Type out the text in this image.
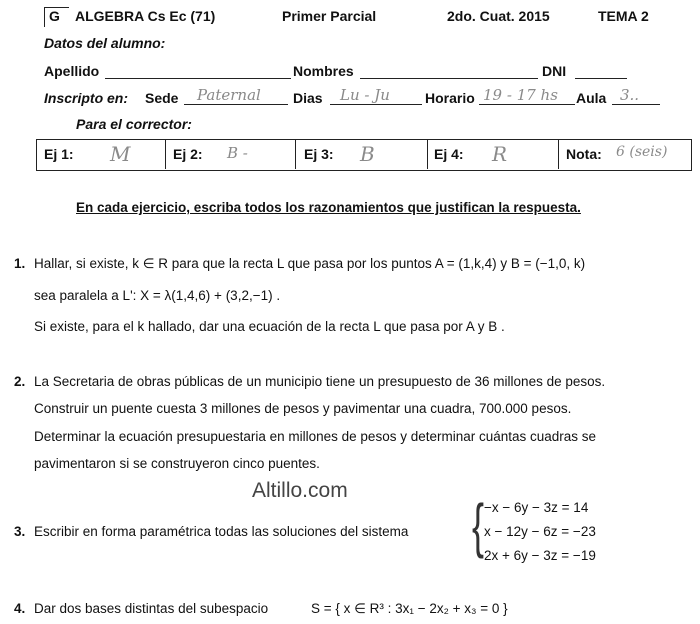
G ALGEBRA Cs Ec (71)	Primer Parcial	2do. Cuat. 2015	TEMA 2
Datos del alumno:
Apellido	Nombres	DNI
Inscripto en: Sede Paternal Dias Lu - Ju	Horario 19 - 17 hs Aula 3..
Para el corrector:
Ej 1: M	Ej 2: B -	Ej 3: B	Ej 4: R	Nota: 6 (seis)
En cada ejercicio, escriba todos los razonamientos que justifican la respuesta.
1. Hallar, si existe, k ∈ R para que la recta L que pasa por los puntos A = (1,k,4) y B = (−1,0, k)
sea paralela a L': X = λ(1,4,6) + (3,2,−1) .
Si existe, para el k hallado, dar una ecuación de la recta L que pasa por A y B .
2. La Secretaria de obras públicas de un municipio tiene un presupuesto de 36 millones de pesos.
Construir un puente cuesta 3 millones de pesos y pavimentar una cuadra, 700.000 pesos.
Determinar la ecuación presupuestaria en millones de pesos y determinar cuántas cuadras se
pavimentaron si se construyeron cinco puentes.
Altillo.com
3. Escribir en forma paramétrica todas las soluciones del sistema { −x − 6y − 3z = 14
x − 12y − 6z = −23
2x + 6y − 3z = −19
4. Dar dos bases distintas del subespacio	S = { x ∈ R³ : 3x₁ − 2x₂ + x₃ = 0 }
